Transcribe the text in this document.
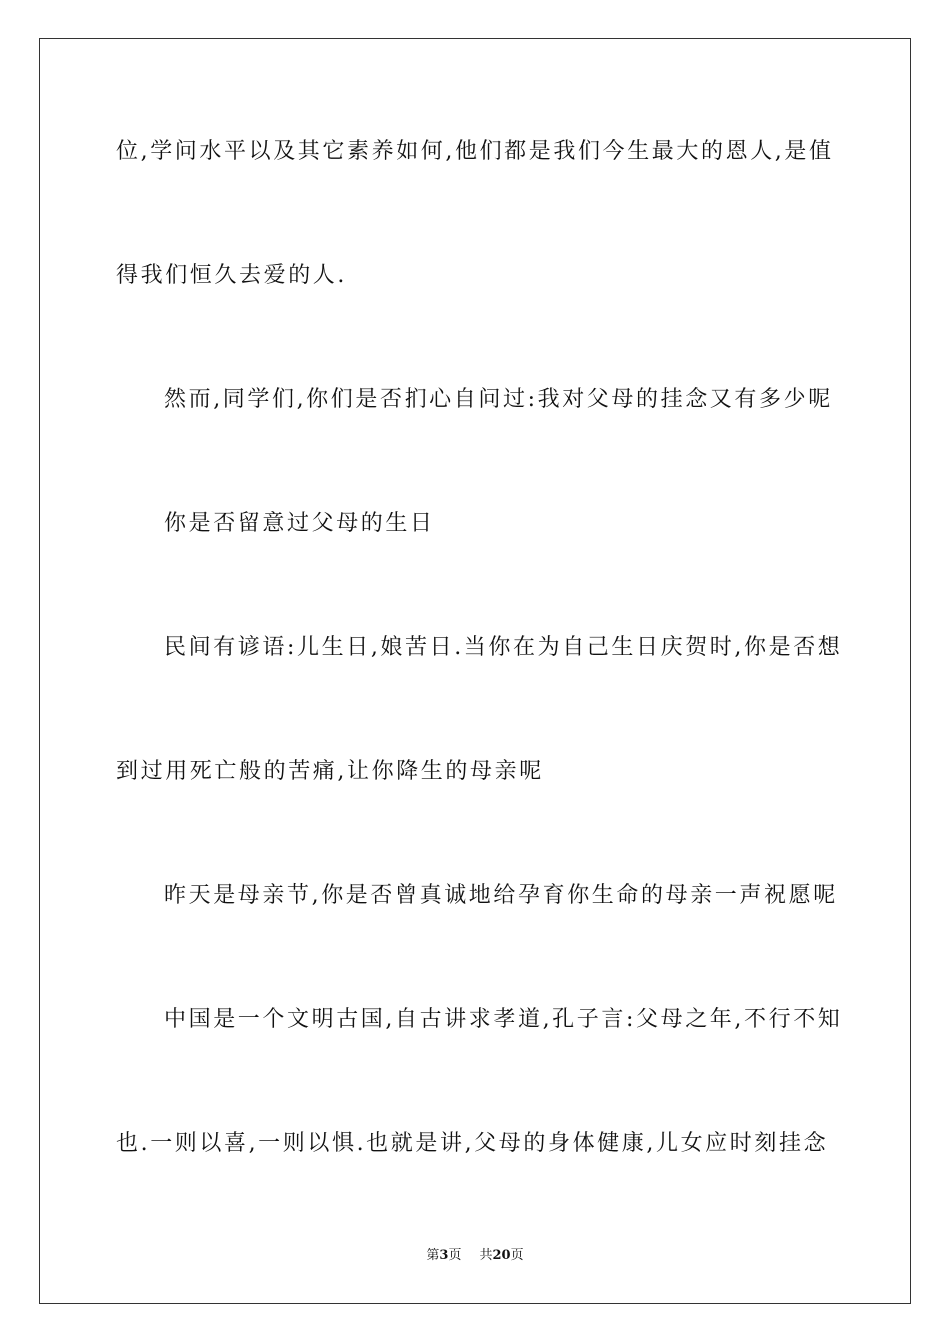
位,学问水平以及其它素养如何,他们都是我们今生最大的恩人,是值
得我们恒久去爱的人.
然而,同学们,你们是否扪心自问过:我对父母的挂念又有多少呢
你是否留意过父母的生日
民间有谚语:儿生日,娘苦日.当你在为自己生日庆贺时,你是否想
到过用死亡般的苦痛,让你降生的母亲呢
昨天是母亲节,你是否曾真诚地给孕育你生命的母亲一声祝愿呢
中国是一个文明古国,自古讲求孝道,孔子言:父母之年,不行不知
也.一则以喜,一则以惧.也就是讲,父母的身体健康,儿女应时刻挂念
第3页 共20页
